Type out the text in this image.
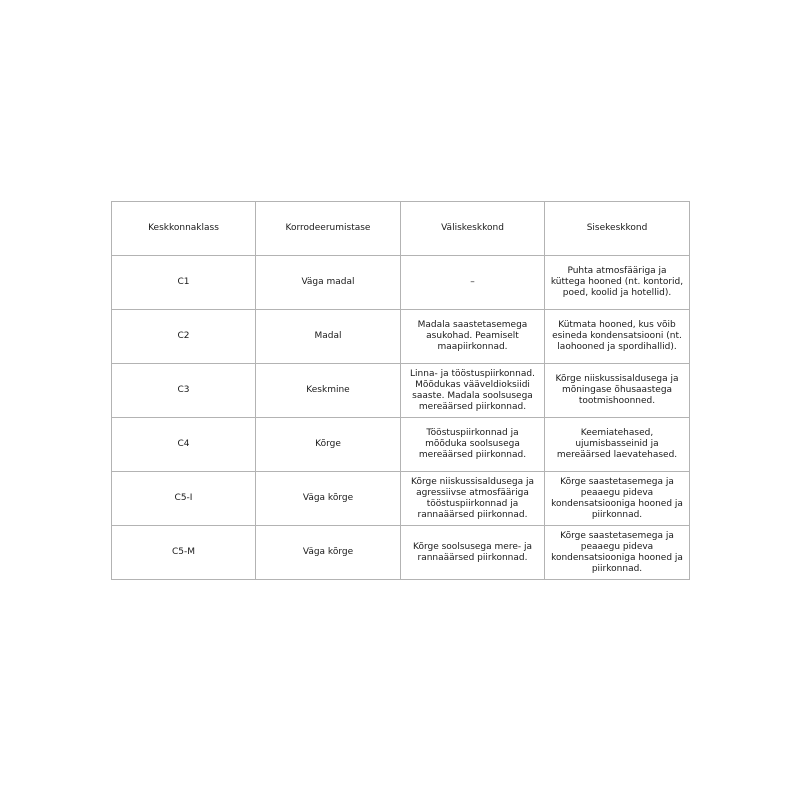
Keskkonnaklass	Korrodeerumistase	Väliskeskkond	Sisekeskkond
C1	Väga madal	–	Puhta atmosfääriga ja küttega hooned (nt. kontorid, poed, koolid ja hotellid).
C2	Madal	Madala saastetasemega asukohad. Peamiselt maapiirkonnad.	Kütmata hooned, kus võib esineda kondensatsiooni (nt. laohooned ja spordihallid).
C3	Keskmine	Linna- ja tööstuspiirkonnad. Mõõdukas vääveldioksiidi saaste. Madala soolsusega mereäärsed piirkonnad.	Kõrge niiskussisaldusega ja mõningase õhusaastega tootmishoonned.
C4	Kõrge	Tööstuspiirkonnad ja mõõduka soolsusega mereäärsed piirkonnad.	Keemiatehased, ujumisbasseinid ja mereäärsed laevatehased.
C5-I	Väga kõrge	Kõrge niiskussisaldusega ja agressiivse atmosfääriga tööstuspiirkonnad ja rannaäärsed piirkonnad.	Kõrge saastetasemega ja peaaegu pideva kondensatsiooniga hooned ja piirkonnad.
C5-M	Väga kõrge	Kõrge soolsusega mere- ja rannaäärsed piirkonnad.	Kõrge saastetasemega ja peaaegu pideva kondensatsiooniga hooned ja piirkonnad.
